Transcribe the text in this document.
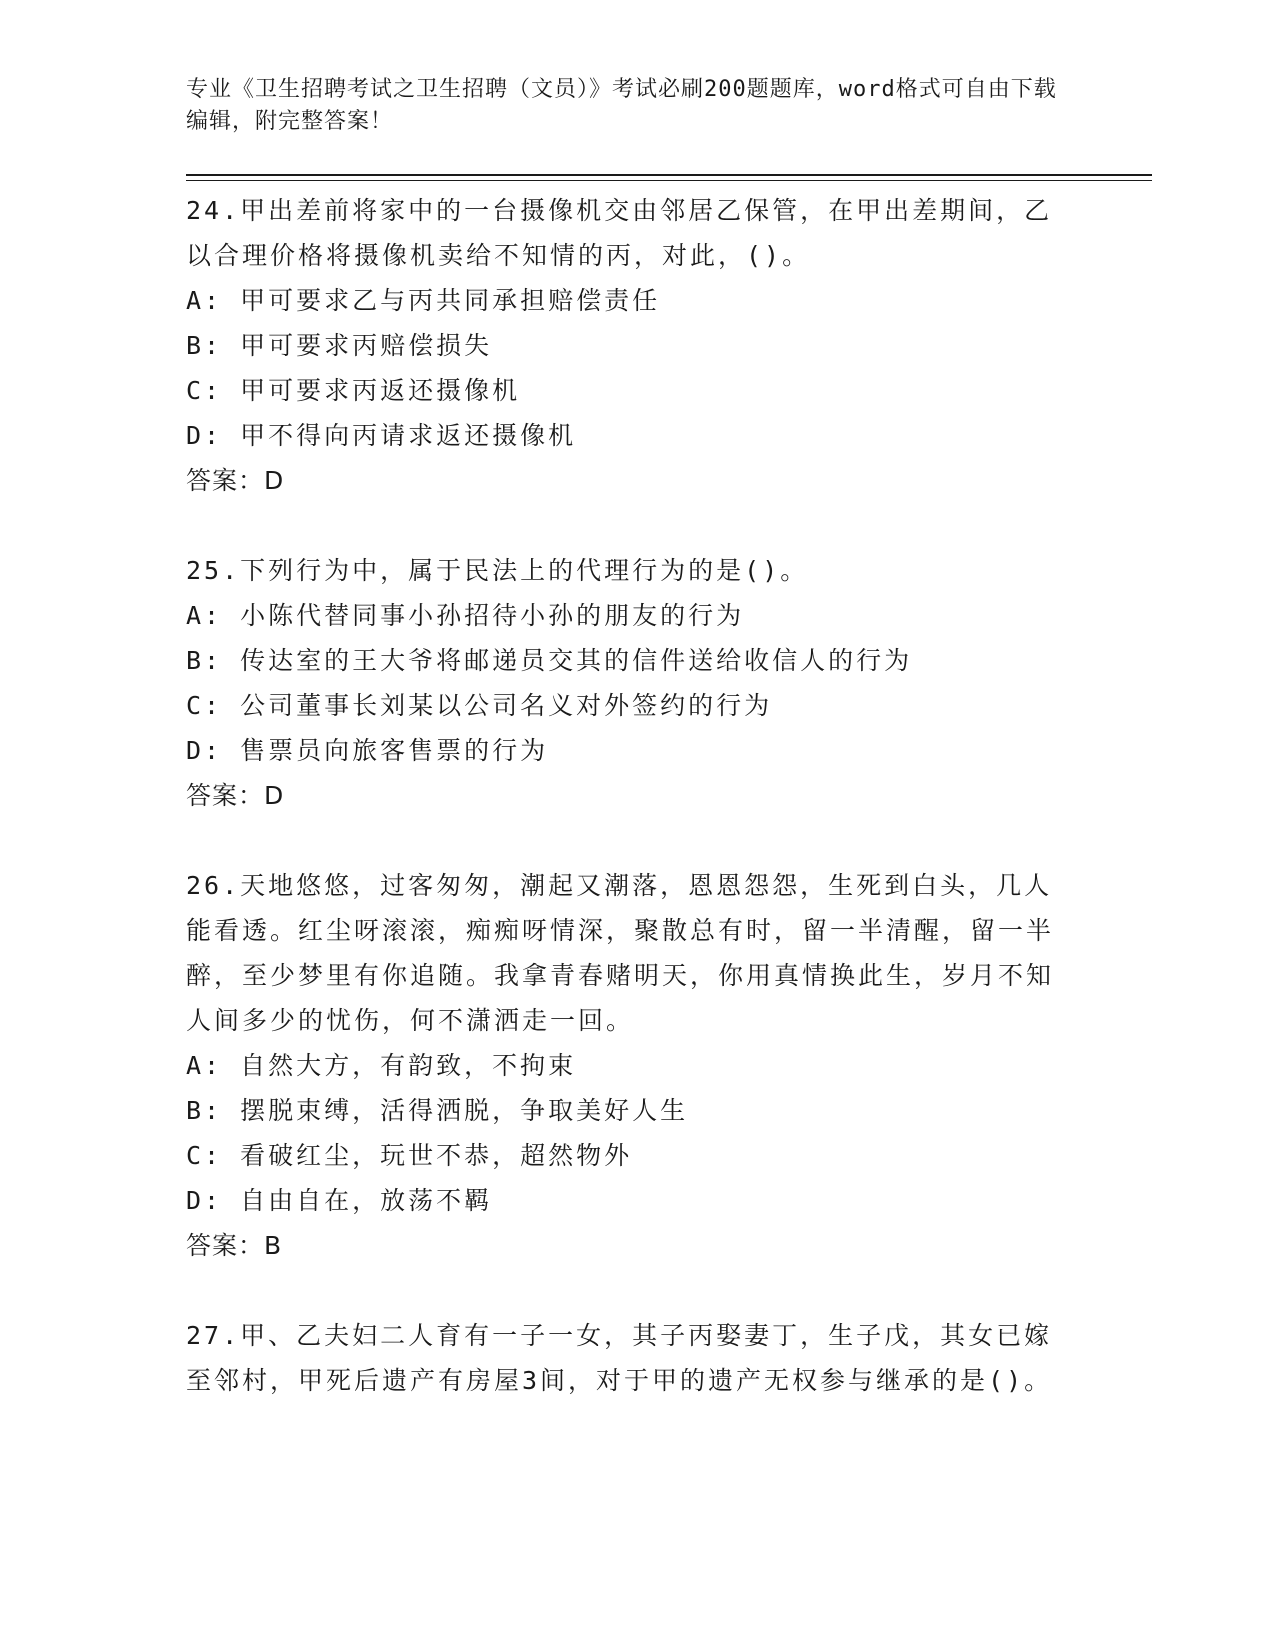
专业《卫生招聘考试之卫生招聘（文员）》考试必刷200题题库，word格式可自由下载编辑，附完整答案！
24.甲出差前将家中的一台摄像机交由邻居乙保管，在甲出差期间，乙以合理价格将摄像机卖给不知情的丙，对此，()。
A: 甲可要求乙与丙共同承担赔偿责任
B: 甲可要求丙赔偿损失
C: 甲可要求丙返还摄像机
D: 甲不得向丙请求返还摄像机
答案：D
25.下列行为中，属于民法上的代理行为的是()。
A: 小陈代替同事小孙招待小孙的朋友的行为
B: 传达室的王大爷将邮递员交其的信件送给收信人的行为
C: 公司董事长刘某以公司名义对外签约的行为
D: 售票员向旅客售票的行为
答案：D
26.天地悠悠，过客匆匆，潮起又潮落，恩恩怨怨，生死到白头，几人能看透。红尘呀滚滚，痴痴呀情深，聚散总有时，留一半清醒，留一半醉，至少梦里有你追随。我拿青春赌明天，你用真情换此生，岁月不知人间多少的忧伤，何不潇洒走一回。
A: 自然大方，有韵致，不拘束
B: 摆脱束缚，活得洒脱，争取美好人生
C: 看破红尘，玩世不恭，超然物外
D: 自由自在，放荡不羁
答案：B
27.甲、乙夫妇二人育有一子一女，其子丙娶妻丁，生子戊，其女已嫁至邻村，甲死后遗产有房屋3间，对于甲的遗产无权参与继承的是()。
